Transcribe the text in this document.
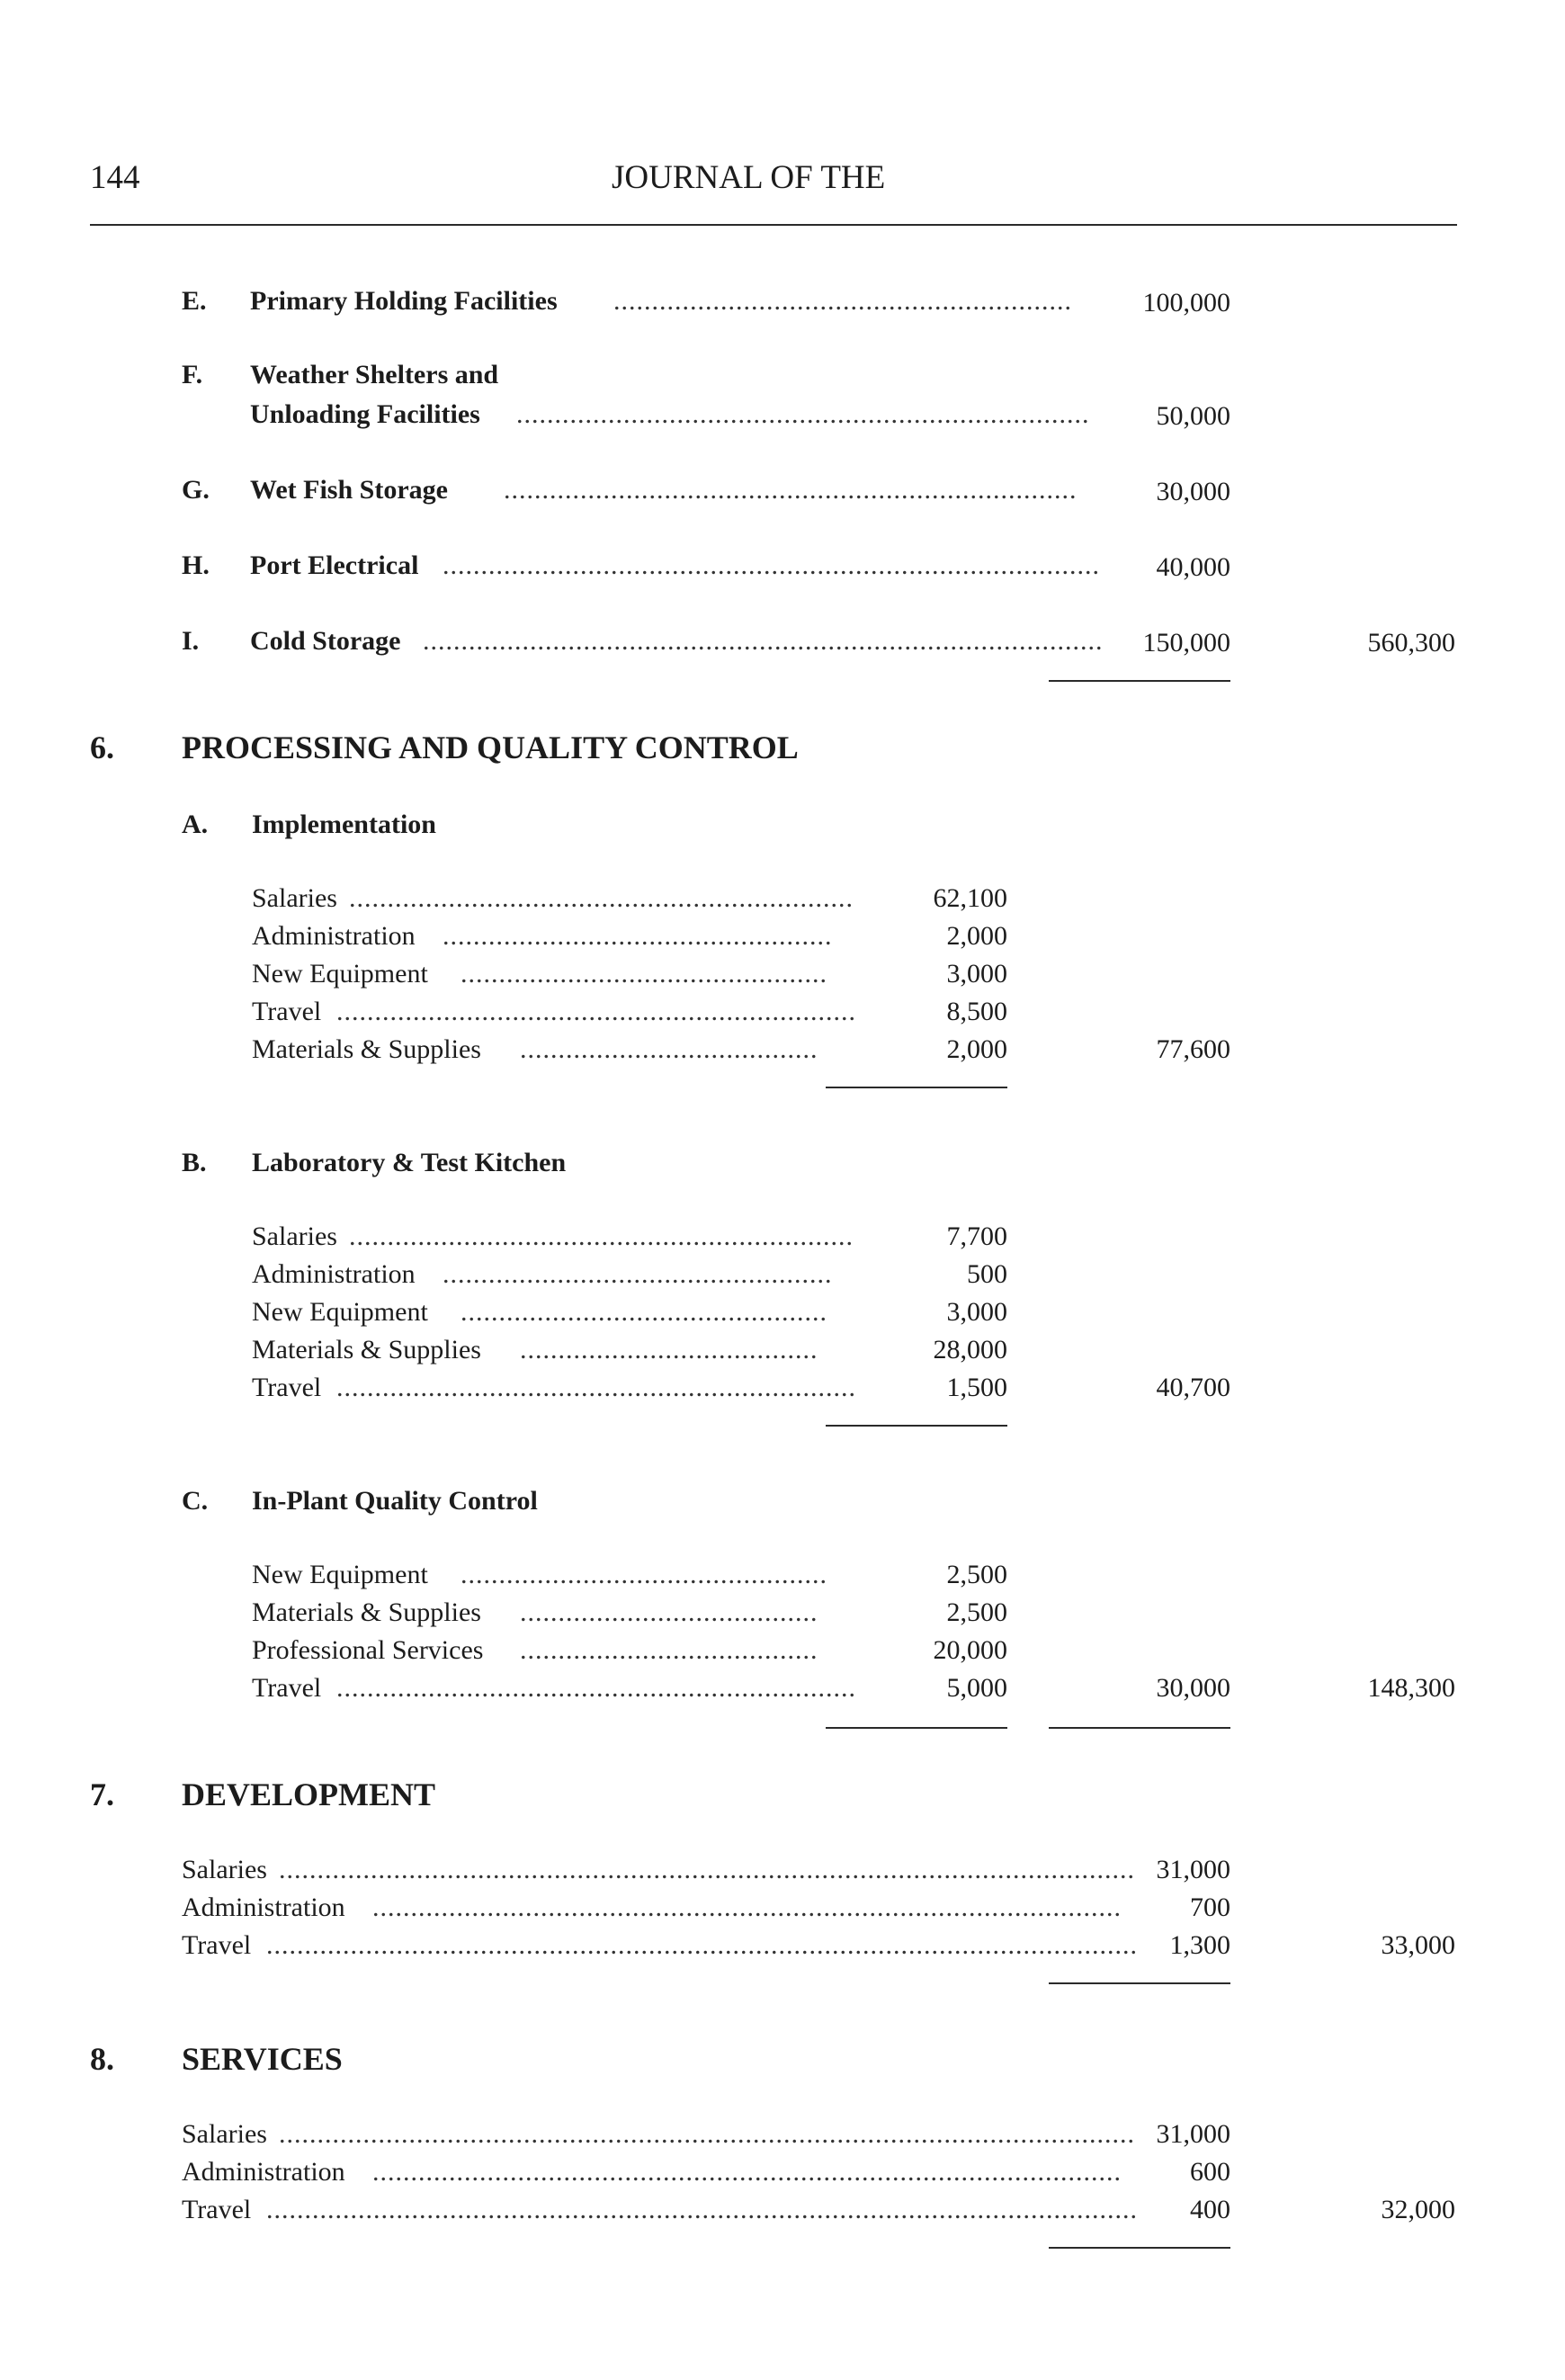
144	JOURNAL OF THE
E. Primary Holding Facilities ............................................................	100,000
F. Weather Shelters and
Unloading Facilities ........................................................................... 50,000
G. Wet Fish Storage ...........................................................................	30,000
H. Port Electrical ...................................................................................... 40,000
I. Cold Storage ......................................................................................... 150,000	560,300
6. PROCESSING AND QUALITY CONTROL
A. Implementation
Salaries ..................................................................	62,100
Administration ...................................................	2,000
New Equipment ................................................	3,000
Travel ....................................................................	8,500
Materials & Supplies .......................................	2,000	77,600
B. Laboratory & Test Kitchen
Salaries ..................................................................	7,700
Administration ...................................................	500
New Equipment ................................................	3,000
Materials & Supplies .......................................	28,000
Travel ....................................................................	1,500	40,700
C. In-Plant Quality Control
New Equipment ................................................	2,500
Materials & Supplies .......................................	2,500
Professional Services .......................................	20,000
Travel ....................................................................	5,000	30,000	148,300
7. DEVELOPMENT
Salaries ................................................................................................................ 31,000
Administration ..................................................................................................	700
Travel .................................................................................................................. 1,300	33,000
8. SERVICES
Salaries ................................................................................................................ 31,000
Administration ..................................................................................................	600
Travel .................................................................................................................. 400	32,000
